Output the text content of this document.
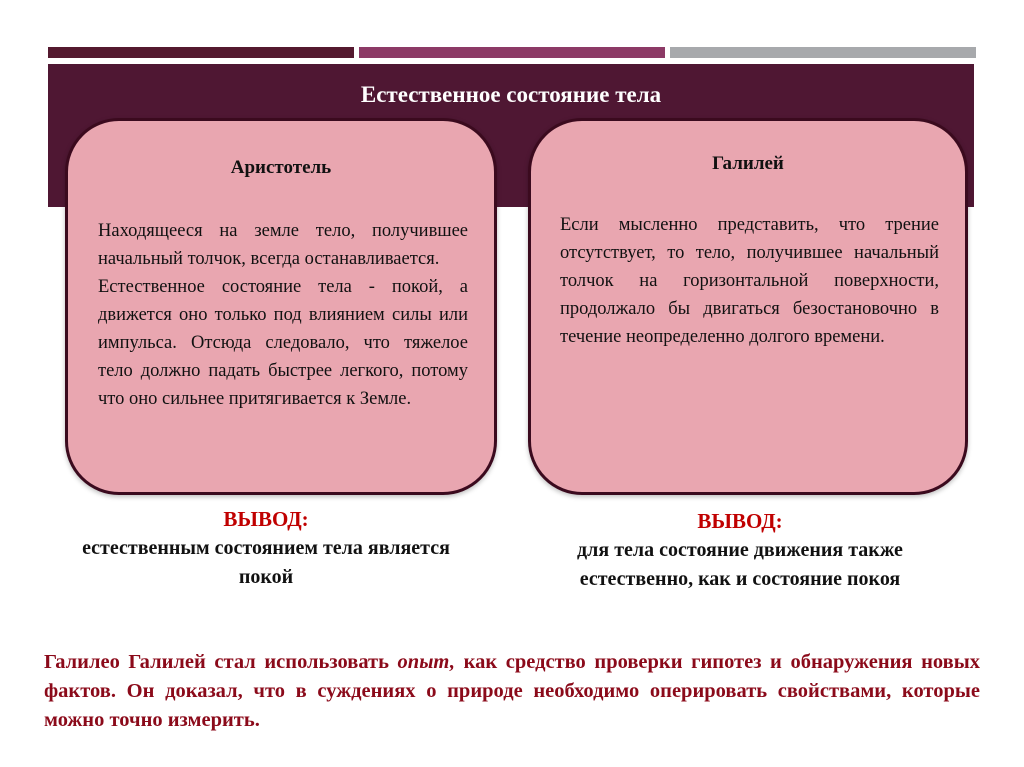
Естественное состояние тела
Аристотель

Находящееся на земле тело, получившее начальный толчок, всегда останавливается.

Естественное состояние тела - покой, а движется оно только под влиянием силы или импульса. Отсюда следовало, что тяжелое тело должно падать быстрее легкого, потому что оно сильнее притягивается к Земле.

Галилей

Если мысленно представить, что трение отсутствует, то тело, получившее начальный толчок на горизонтальной поверхности, продолжало бы двигаться безостановочно в течение неопределенно долгого времени.

ВЫВОД:
естественным состоянием тела является покой
ВЫВОД:
для тела состояние движения также естественно, как и состояние покоя
Галилео Галилей стал использовать опыт, как средство проверки гипотез и обнаружения новых фактов. Он доказал, что в суждениях о природе необходимо оперировать свойствами, которые можно точно измерить.
